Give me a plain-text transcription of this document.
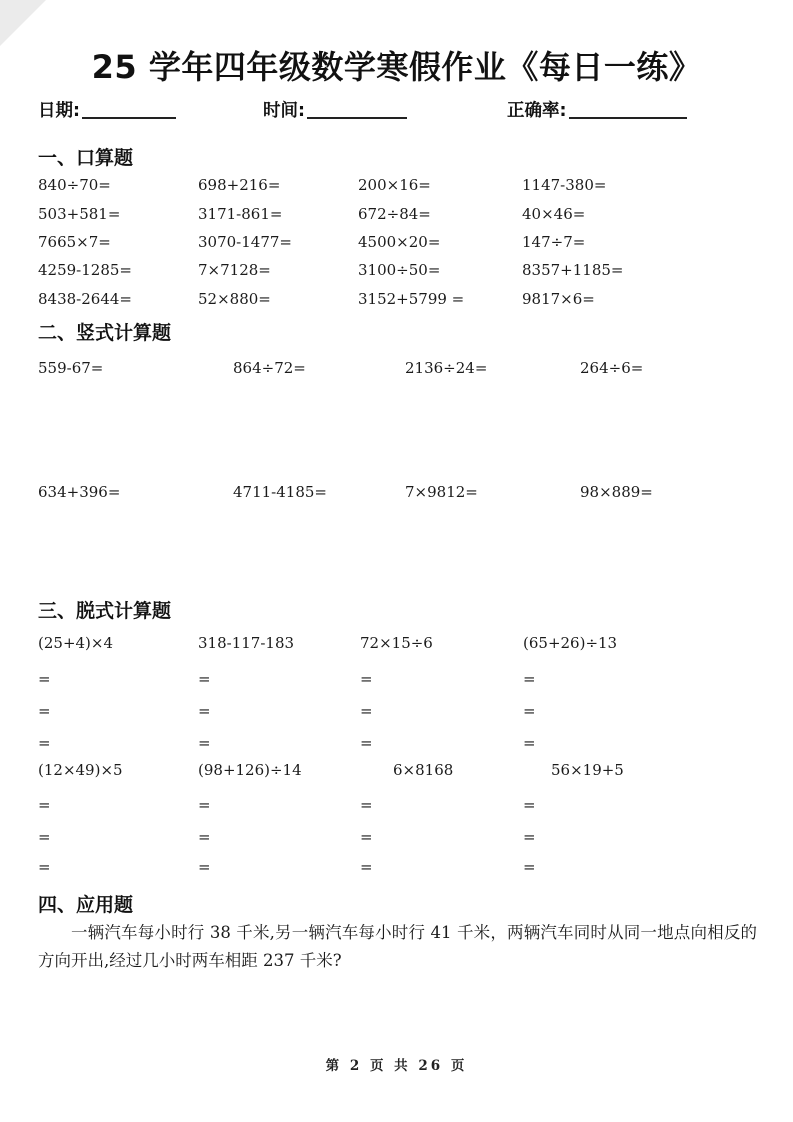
25 学年四年级数学寒假作业《每日一练》
日期:	时间:	正确率:
一、口算题
840÷70=	698+216=	200×16=	1147-380=
503+581=	3171-861=	672÷84=	40×46=
7665×7=	3070-1477=	4500×20=	147÷7=
4259-1285=	7×7128=	3100÷50=	8357+1185=
8438-2644=	52×880=	3152+5799 =	9817×6=
二、竖式计算题
559-67=	864÷72=	2136÷24=	264÷6=
634+396=	4711-4185=	7×9812=	98×889=
三、脱式计算题
(25+4)×4	318-117-183	72×15÷6	(65+26)÷13
=	=	=	=
=	=	=	=
=	=	=	=
(12×49)×5	(98+126)÷14	6×8168	56×19+5
=	=	=	=
=	=	=	=
=	=	=	=
四、应用题
一辆汽车每小时行 38 千米,另一辆汽车每小时行 41 千米，两辆汽车同时从同一地点向相反的方向开出,经过几小时两车相距 237 千米?
第 2 页 共 26 页
